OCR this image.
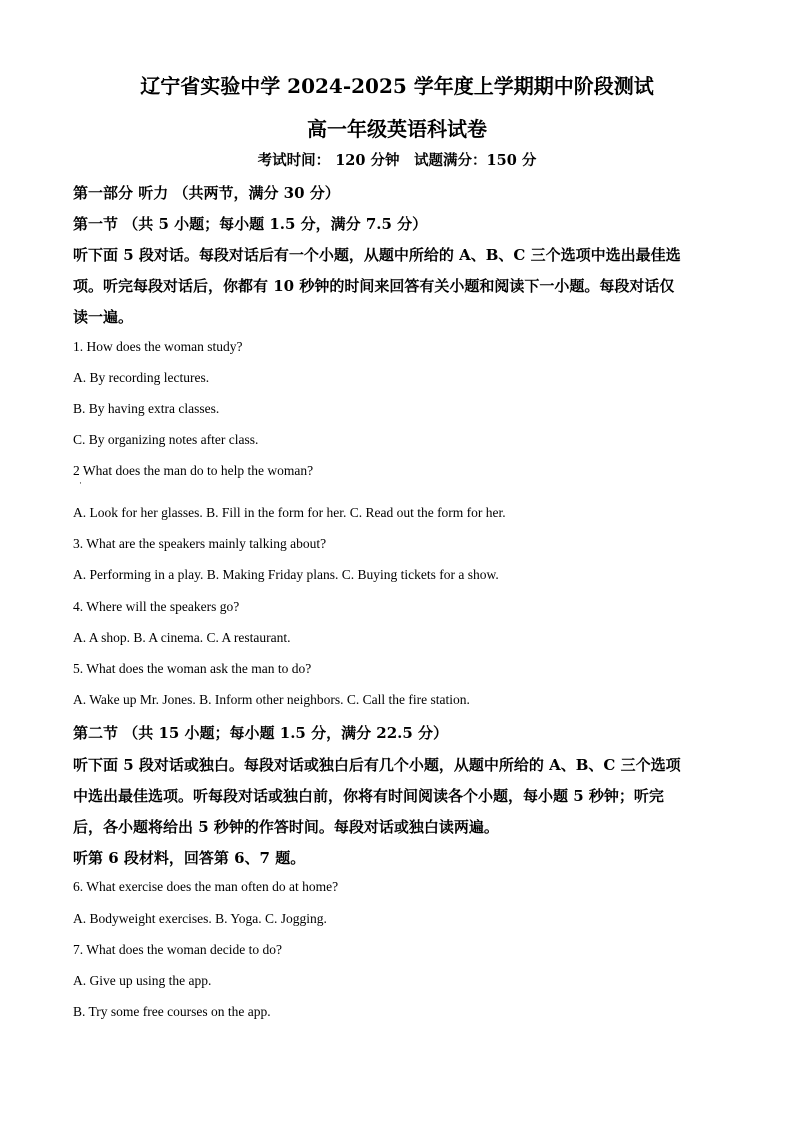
辽宁省实验中学 2024-2025 学年度上学期期中阶段测试
高一年级英语科试卷
考试时间： 120 分钟　试题满分：150 分
第一部分 听力 （共两节，满分 30 分）
第一节 （共 5 小题；每小题 1.5 分，满分 7.5 分）
听下面 5 段对话。每段对话后有一个小题，从题中所给的 A、B、C 三个选项中选出最佳选
项。听完每段对话后，你都有 10 秒钟的时间来回答有关小题和阅读下一小题。每段对话仅
读一遍。
1. How does the woman study?
A. By recording lectures.
B. By having extra classes.
C. By organizing notes after class.
2 What does the man do to help the woman?
·
A. Look for her glasses. B. Fill in the form for her. C. Read out the form for her.
3. What are the speakers mainly talking about?
A. Performing in a play. B. Making Friday plans. C. Buying tickets for a show.
4. Where will the speakers go?
A. A shop. B. A cinema. C. A restaurant.
5. What does the woman ask the man to do?
A. Wake up Mr. Jones. B. Inform other neighbors. C. Call the fire station.
第二节 （共 15 小题；每小题 1.5 分，满分 22.5 分）
听下面 5 段对话或独白。每段对话或独白后有几个小题，从题中所给的 A、B、C 三个选项
中选出最佳选项。听每段对话或独白前，你将有时间阅读各个小题，每小题 5 秒钟；听完
后，各小题将给出 5 秒钟的作答时间。每段对话或独白读两遍。
听第 6 段材料，回答第 6、7 题。
6. What exercise does the man often do at home?
A. Bodyweight exercises. B. Yoga. C. Jogging.
7. What does the woman decide to do?
A. Give up using the app.
B. Try some free courses on the app.
